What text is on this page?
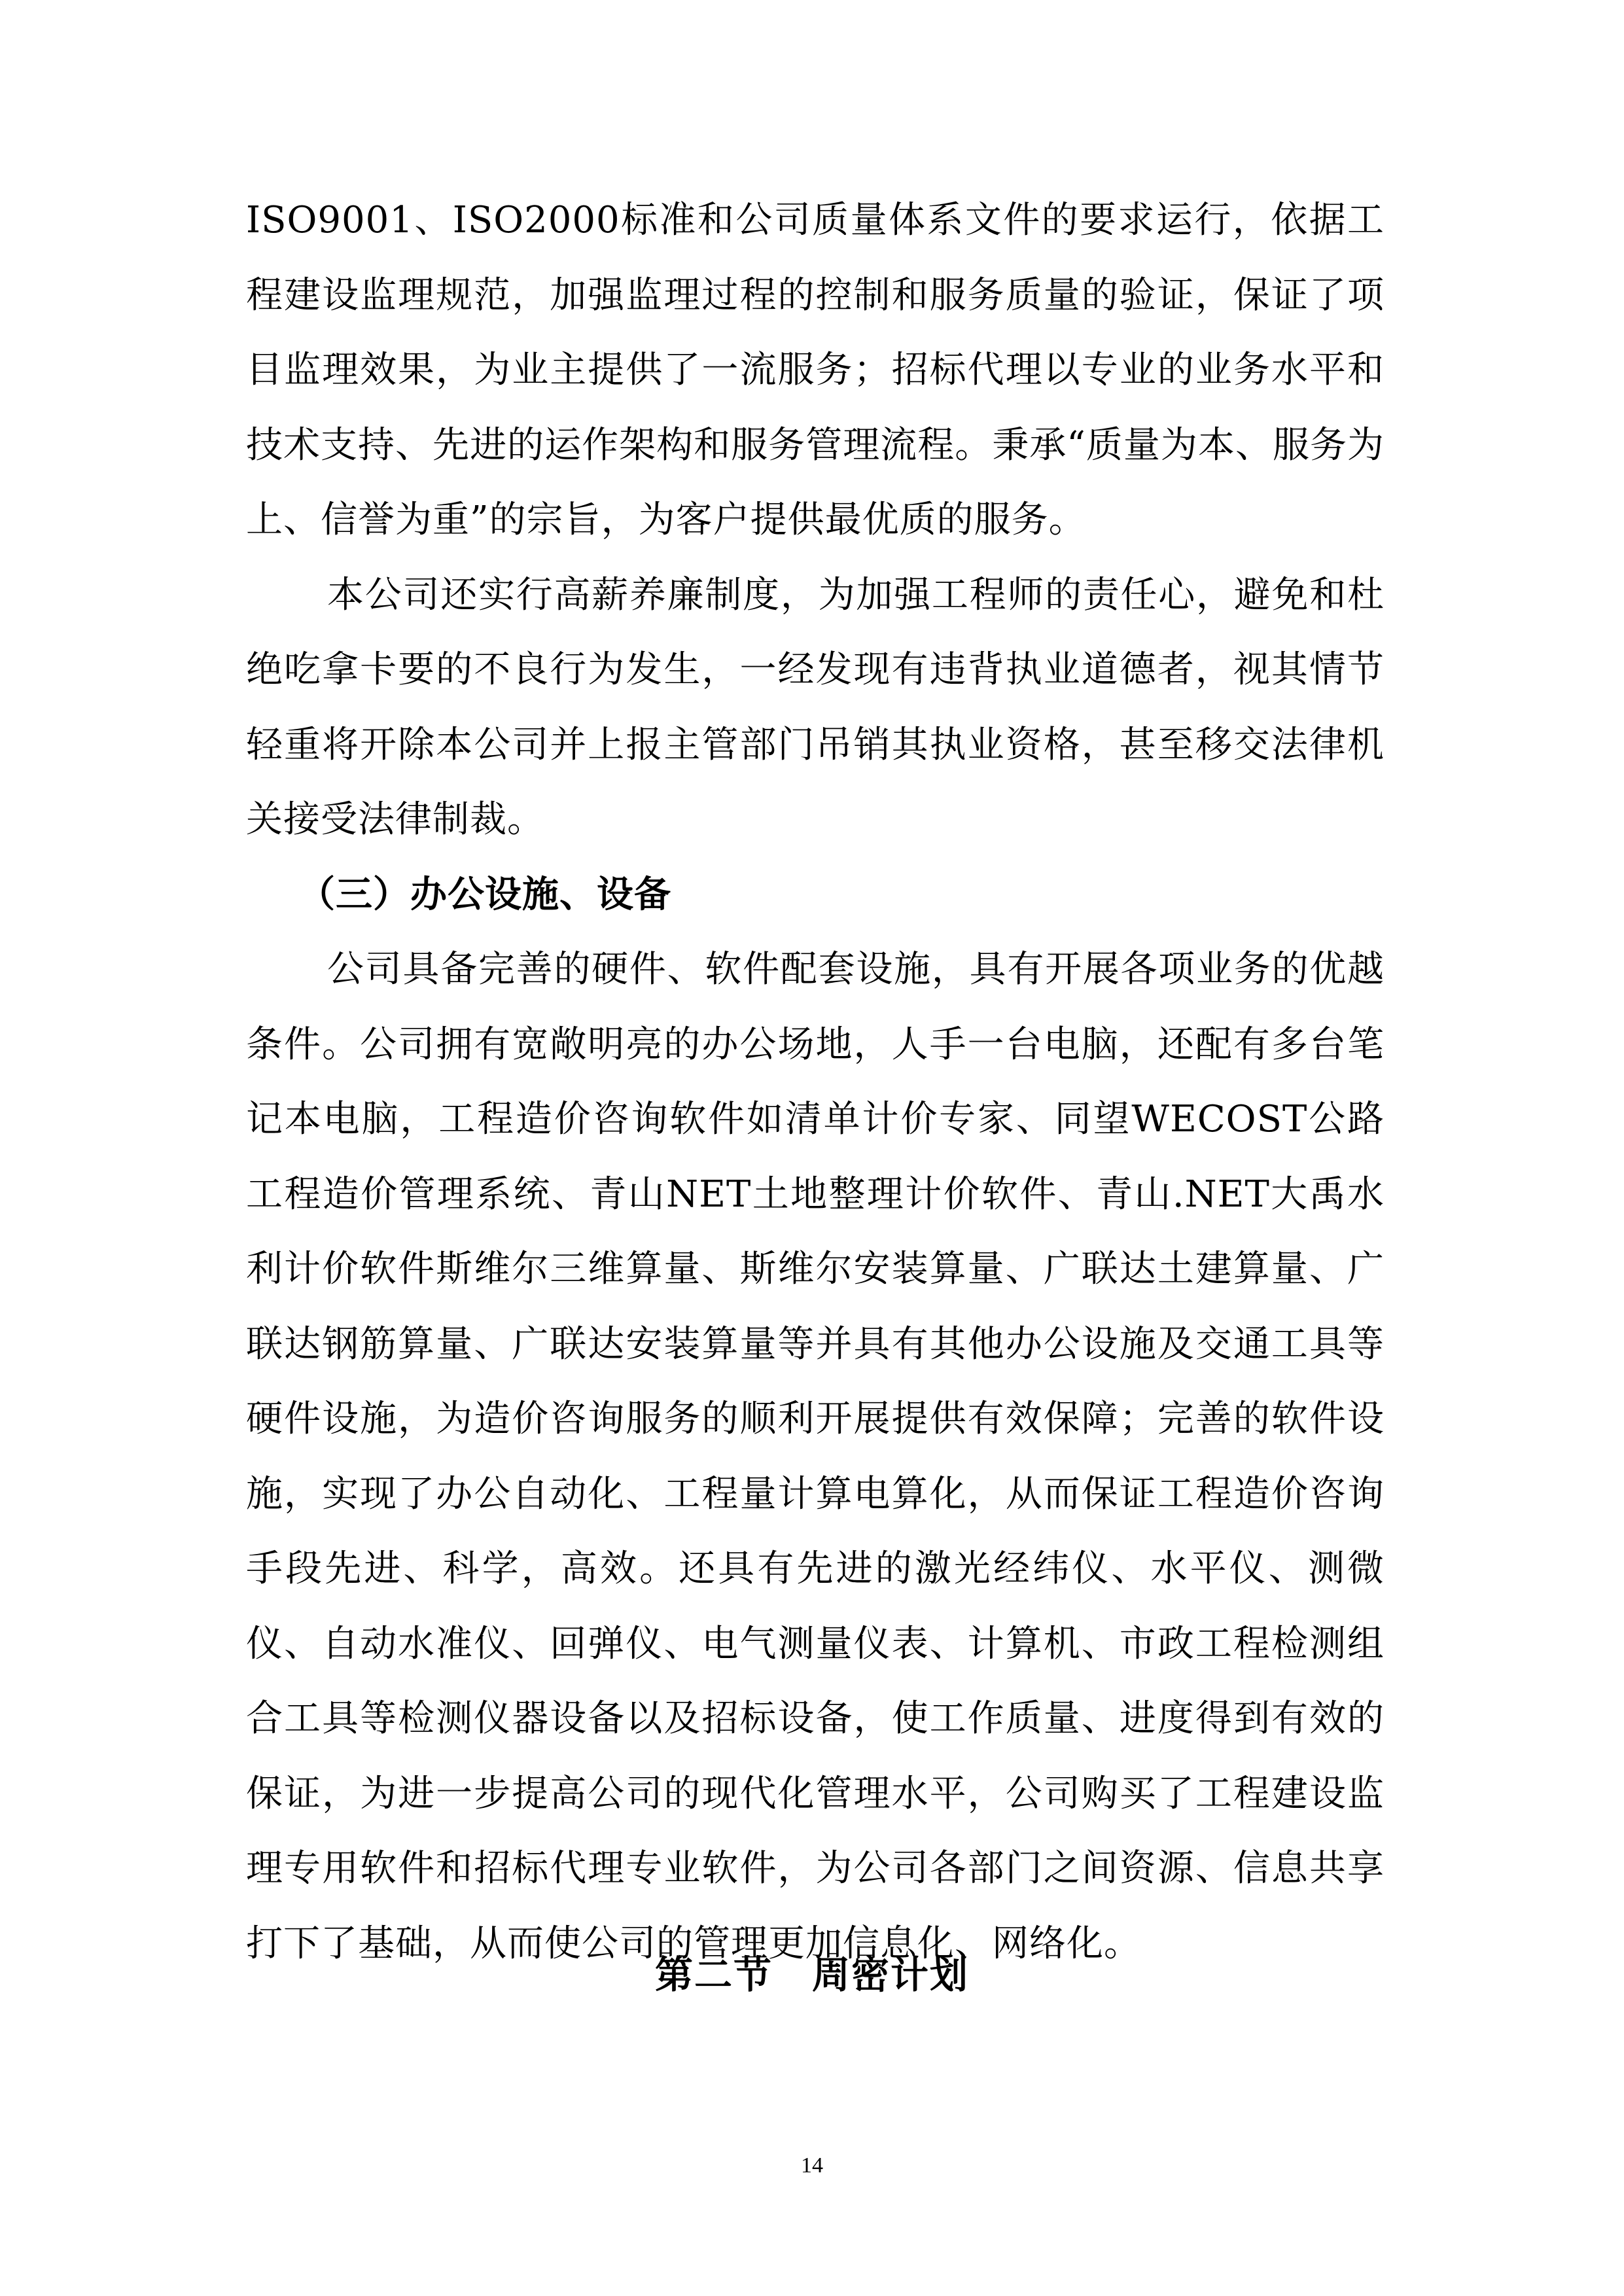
ISO9001、ISO2000标准和公司质量体系文件的要求运行，依据工程建设监理规范，加强监理过程的控制和服务质量的验证，保证了项目监理效果，为业主提供了一流服务；招标代理以专业的业务水平和技术支持、先进的运作架构和服务管理流程。秉承“质量为本、服务为上、信誉为重”的宗旨，为客户提供最优质的服务。

本公司还实行高薪养廉制度，为加强工程师的责任心，避免和杜绝吃拿卡要的不良行为发生，一经发现有违背执业道德者，视其情节轻重将开除本公司并上报主管部门吊销其执业资格，甚至移交法律机关接受法律制裁。

（三）办公设施、设备

公司具备完善的硬件、软件配套设施，具有开展各项业务的优越条件。公司拥有宽敞明亮的办公场地，人手一台电脑，还配有多台笔记本电脑，工程造价咨询软件如清单计价专家、同望WECOST公路工程造价管理系统、青山NET土地整理计价软件、青山.NET大禹水利计价软件斯维尔三维算量、斯维尔安装算量、广联达土建算量、广联达钢筋算量、广联达安装算量等并具有其他办公设施及交通工具等硬件设施，为造价咨询服务的顺利开展提供有效保障；完善的软件设施，实现了办公自动化、工程量计算电算化，从而保证工程造价咨询手段先进、科学，高效。还具有先进的激光经纬仪、水平仪、测微仪、自动水准仪、回弹仪、电气测量仪表、计算机、市政工程检测组合工具等检测仪器设备以及招标设备，使工作质量、进度得到有效的保证，为进一步提高公司的现代化管理水平，公司购买了工程建设监理专用软件和招标代理专业软件，为公司各部门之间资源、信息共享打下了基础，从而使公司的管理更加信息化、网络化。

第二节 周密计划
14
